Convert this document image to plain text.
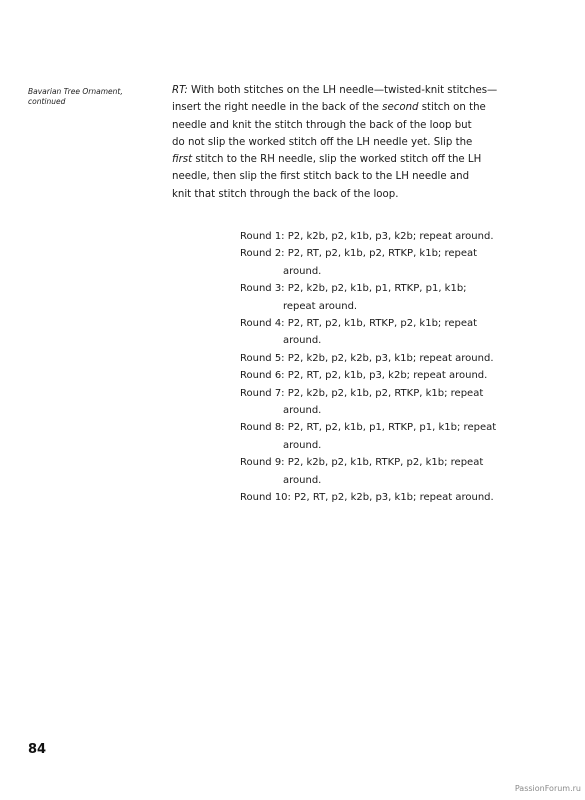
Bavarian Tree Ornament,
continued
RT: With both stitches on the LH needle—twisted-knit stitches—
insert the right needle in the back of the second stitch on the
needle and knit the stitch through the back of the loop but
do not slip the worked stitch off the LH needle yet. Slip the
first stitch to the RH needle, slip the worked stitch off the LH
needle, then slip the first stitch back to the LH needle and
knit that stitch through the back of the loop.
Round 1: P2, k2b, p2, k1b, p3, k2b; repeat around.
Round 2: P2, RT, p2, k1b, p2, RTKP, k1b; repeat
around.
Round 3: P2, k2b, p2, k1b, p1, RTKP, p1, k1b;
repeat around.
Round 4: P2, RT, p2, k1b, RTKP, p2, k1b; repeat
around.
Round 5: P2, k2b, p2, k2b, p3, k1b; repeat around.
Round 6: P2, RT, p2, k1b, p3, k2b; repeat around.
Round 7: P2, k2b, p2, k1b, p2, RTKP, k1b; repeat
around.
Round 8: P2, RT, p2, k1b, p1, RTKP, p1, k1b; repeat
around.
Round 9: P2, k2b, p2, k1b, RTKP, p2, k1b; repeat
around.
Round 10: P2, RT, p2, k2b, p3, k1b; repeat around.
84
PassionForum.ru
